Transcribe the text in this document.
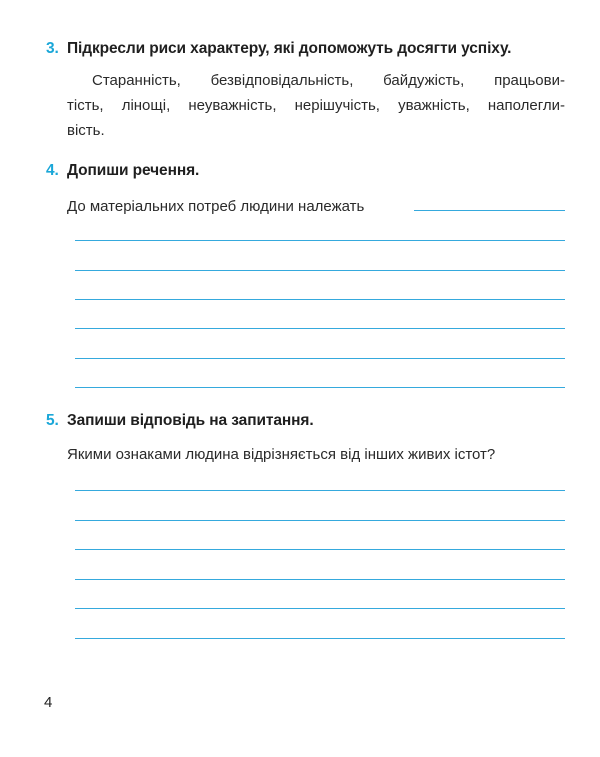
3. Підкресли риси характеру, які допоможуть досягти успіху.
Старанність, безвідповідальність, байдужість, працьови-
тість, лінощі, неуважність, нерішучість, уважність, наполегли-
вість.
4. Допиши речення.
До матеріальних потреб людини належать
5. Запиши відповідь на запитання.
Якими ознаками людина відрізняється від інших живих істот?
4
